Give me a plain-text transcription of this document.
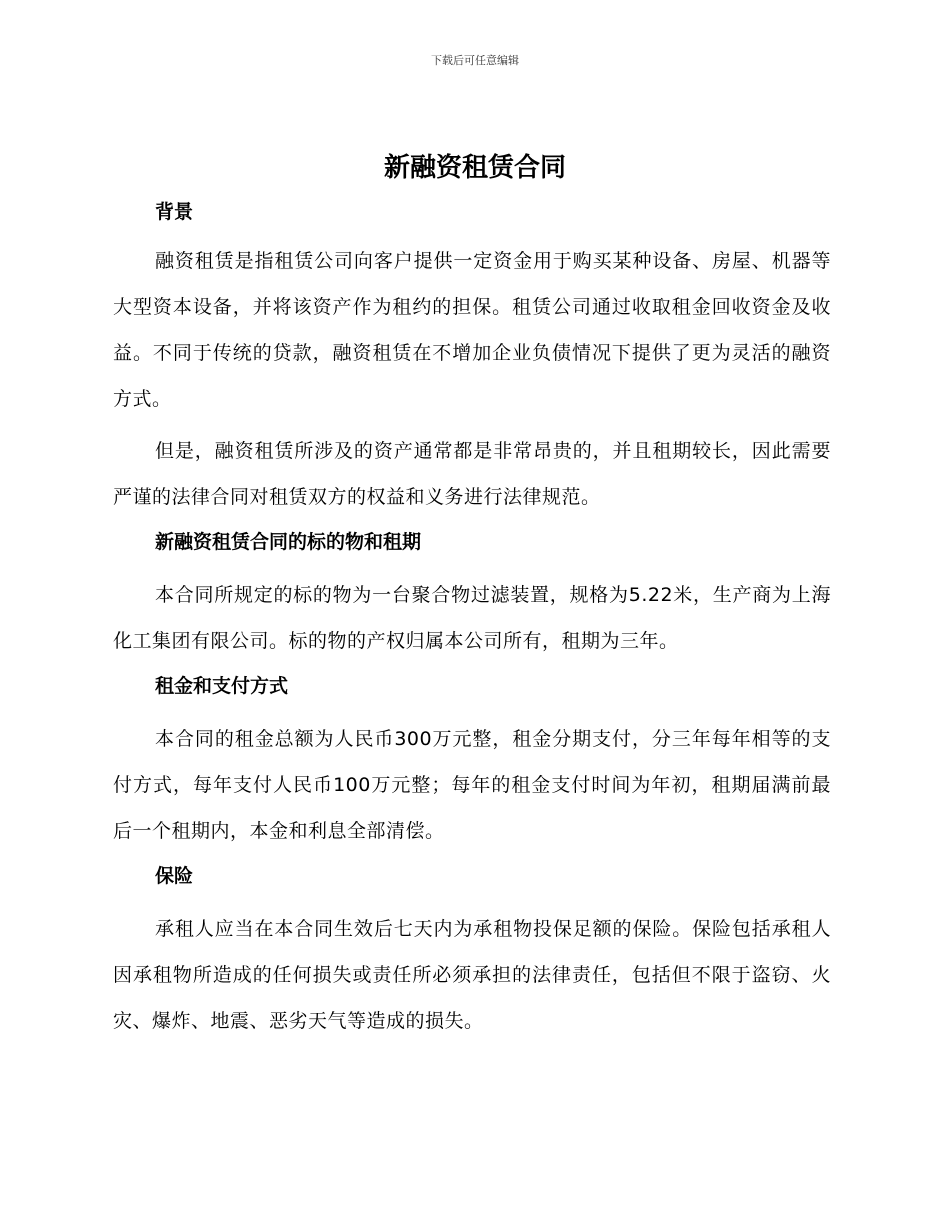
下载后可任意编辑
新融资租赁合同
背景

融资租赁是指租赁公司向客户提供一定资金用于购买某种设备、房屋、机器等大型资本设备，并将该资产作为租约的担保。租赁公司通过收取租金回收资金及收益。不同于传统的贷款，融资租赁在不增加企业负债情况下提供了更为灵活的融资方式。

但是，融资租赁所涉及的资产通常都是非常昂贵的，并且租期较长，因此需要严谨的法律合同对租赁双方的权益和义务进行法律规范。

新融资租赁合同的标的物和租期

本合同所规定的标的物为一台聚合物过滤装置，规格为5.22米，生产商为上海化工集团有限公司。标的物的产权归属本公司所有，租期为三年。

租金和支付方式

本合同的租金总额为人民币300万元整，租金分期支付，分三年每年相等的支付方式，每年支付人民币100万元整；每年的租金支付时间为年初，租期届满前最后一个租期内，本金和利息全部清偿。

保险

承租人应当在本合同生效后七天内为承租物投保足额的保险。保险包括承租人因承租物所造成的任何损失或责任所必须承担的法律责任，包括但不限于盗窃、火灾、爆炸、地震、恶劣天气等造成的损失。
